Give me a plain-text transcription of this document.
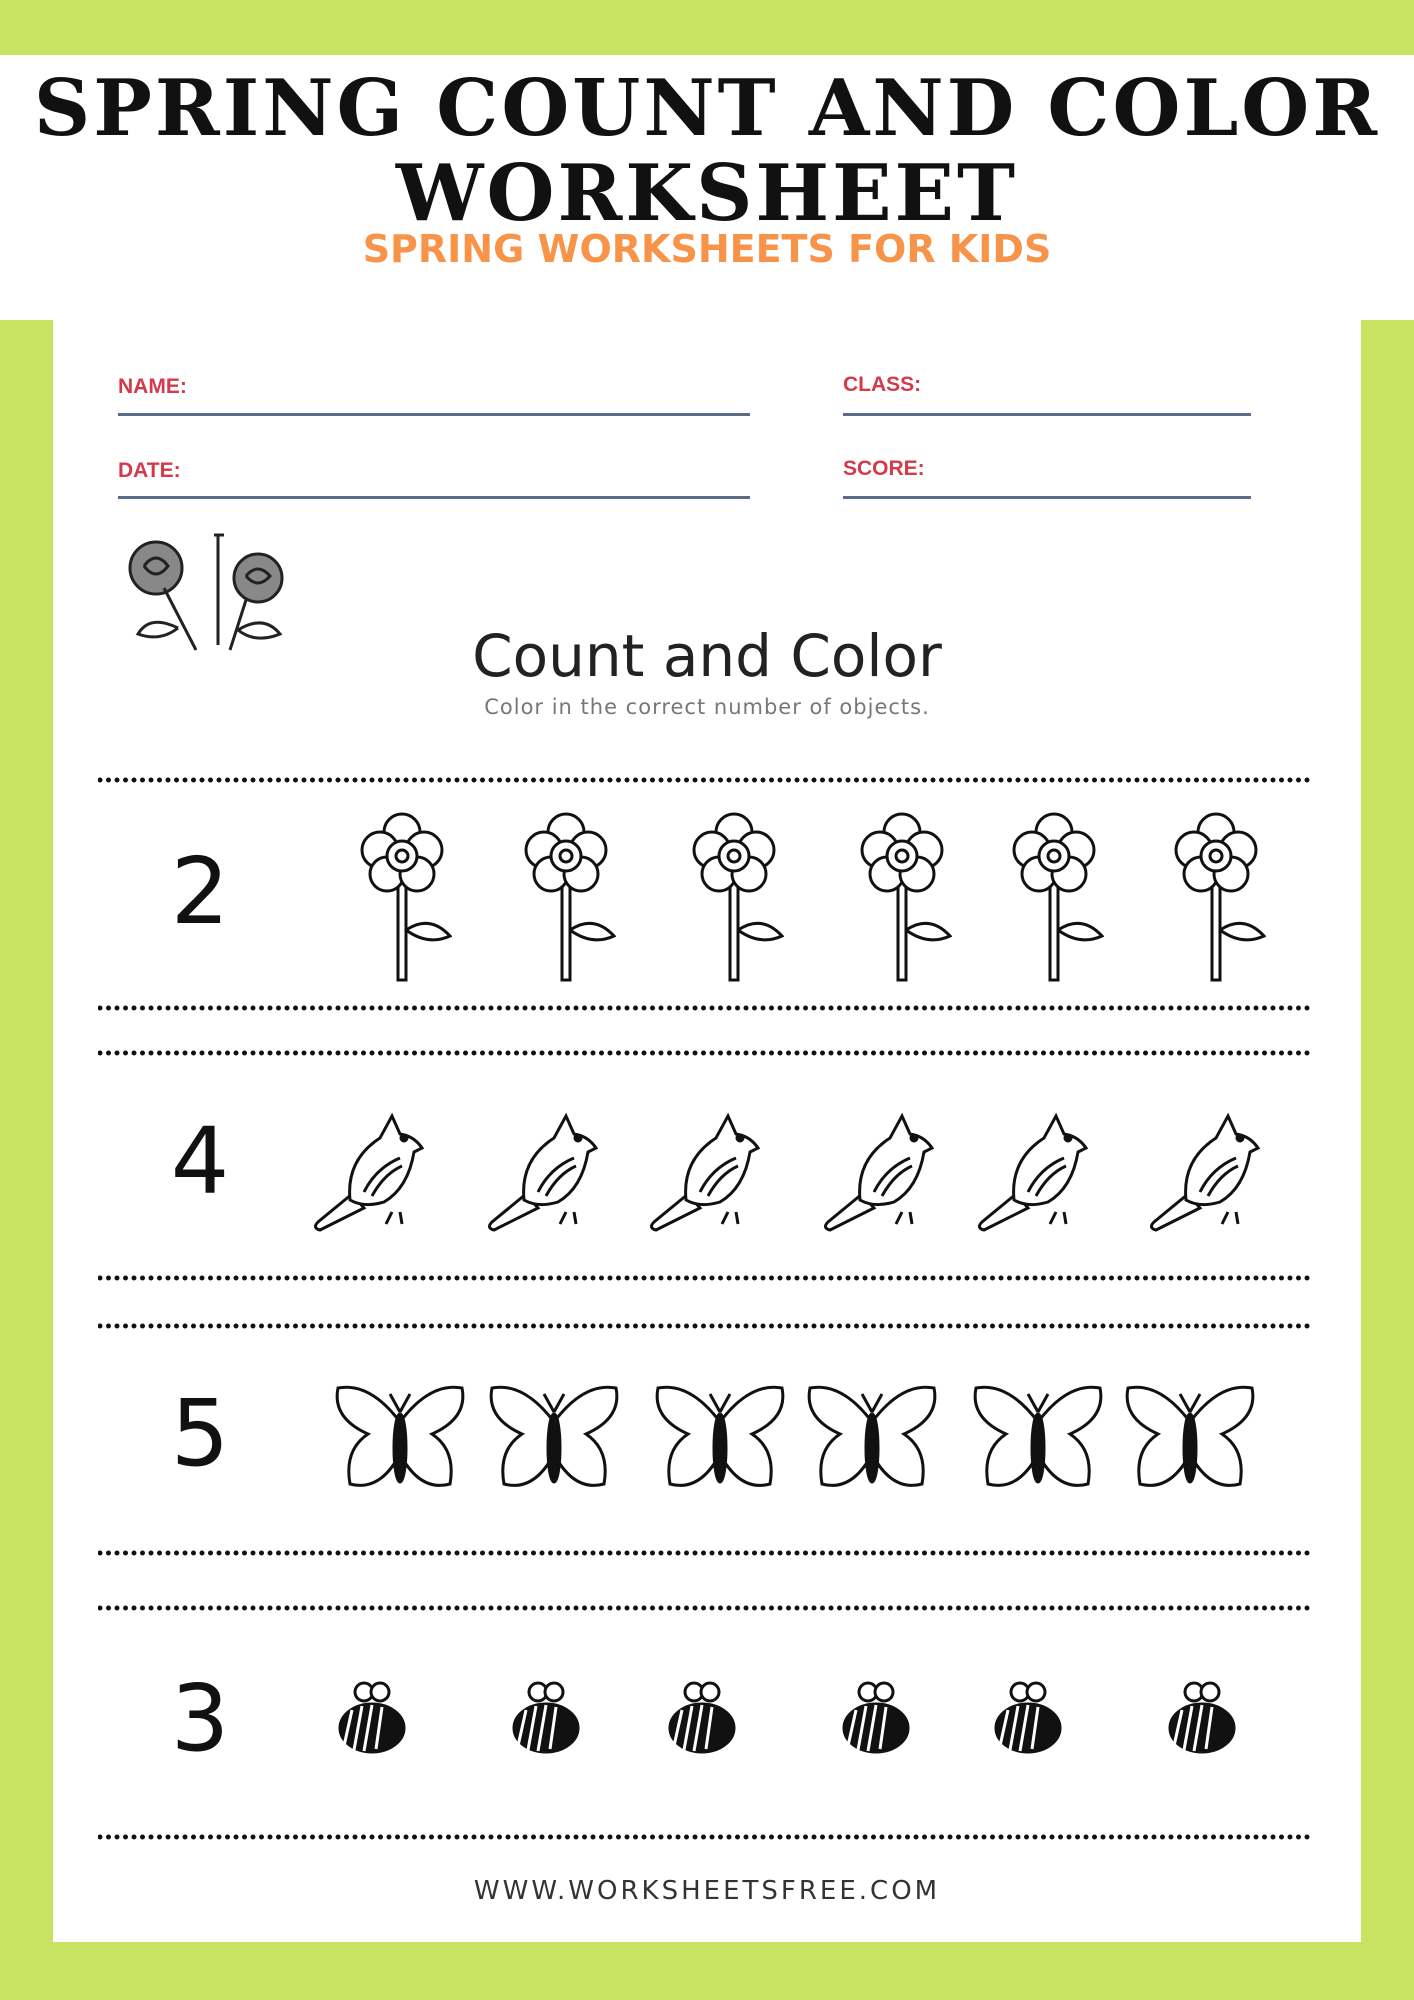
SPRING COUNT AND COLOR
WORKSHEET
SPRING WORKSHEETS FOR KIDS
NAME:	CLASS:
DATE:	SCORE:
Count and Color
Color in the correct number of objects.
2
4
5
3
WWW.WORKSHEETSFREE.COM
